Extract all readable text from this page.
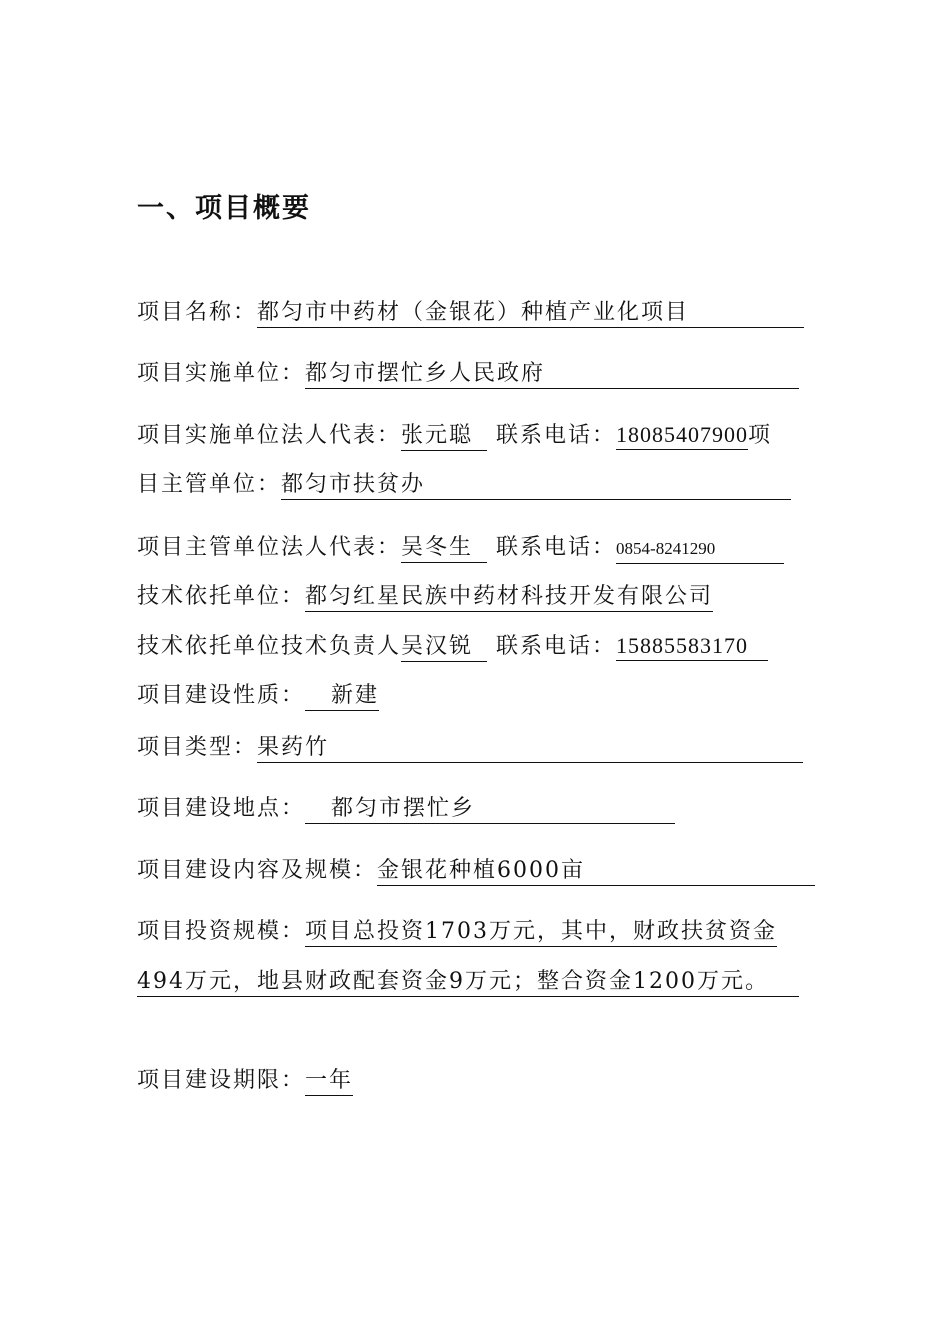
一、项目概要
项目名称：都匀市中药材（金银花）种植产业化项目
项目实施单位：都匀市摆忙乡人民政府
项目实施单位法人代表：张元聪 联系电话：18085407900项
目主管单位：都匀市扶贫办
项目主管单位法人代表：吴冬生 联系电话：0854-8241290
技术依托单位：都匀红星民族中药材科技开发有限公司
技术依托单位技术负责人吴汉锐 联系电话：15885583170
项目建设性质： 新建
项目类型：果药竹
项目建设地点： 都匀市摆忙乡
项目建设内容及规模：金银花种植6000亩
项目投资规模：项目总投资1703万元，其中，财政扶贫资金
494万元，地县财政配套资金9万元；整合资金1200万元。
项目建设期限：一年
